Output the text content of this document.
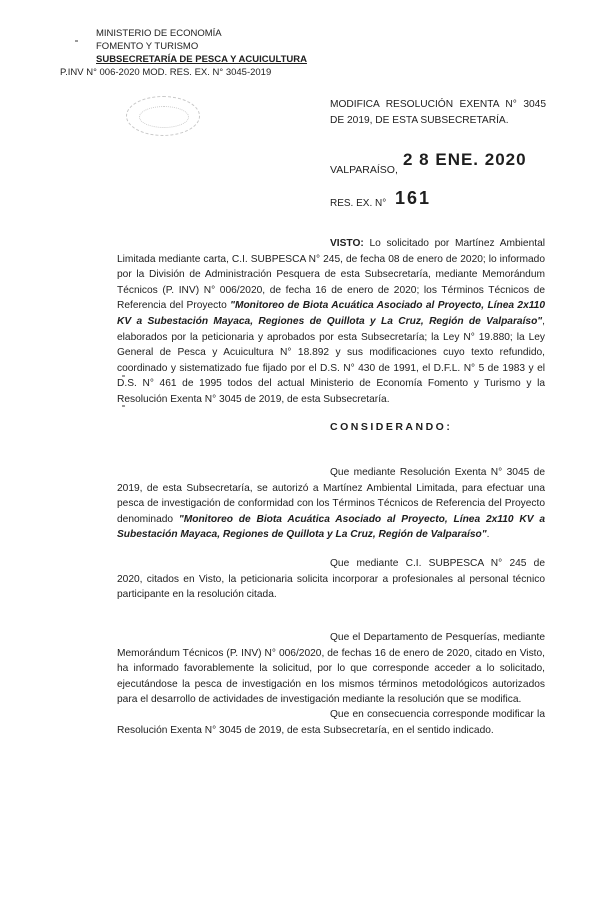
MINISTERIO DE ECONOMÍA
FOMENTO Y TURISMO
SUBSECRETARÍA DE PESCA Y ACUICULTURA
P.INV N° 006-2020 MOD. RES. EX. N° 3045-2019
MODIFICA RESOLUCIÓN EXENTA N° 3045 DE 2019, DE ESTA SUBSECRETARÍA.
VALPARAÍSO,
2 8 ENE. 2020
RES. EX. N° 161

VISTO: Lo solicitado por Martínez Ambiental Limitada mediante carta, C.I. SUBPESCA N° 245, de fecha 08 de enero de 2020; lo informado por la División de Administración Pesquera de esta Subsecretaría, mediante Memorándum Técnicos (P. INV) N° 006/2020, de fecha 16 de enero de 2020; los Términos Técnicos de Referencia del Proyecto "Monitoreo de Biota Acuática Asociado al Proyecto, Línea 2x110 KV a Subestación Mayaca, Regiones de Quillota y La Cruz, Región de Valparaíso", elaborados por la peticionaria y aprobados por esta Subsecretaría; la Ley N° 19.880; la Ley General de Pesca y Acuicultura N° 18.892 y sus modificaciones cuyo texto refundido, coordinado y sistematizado fue fijado por el D.S. N° 430 de 1991, el D.F.L. N° 5 de 1983 y el D.S. N° 461 de 1995 todos del actual Ministerio de Economía Fomento y Turismo y la Resolución Exenta N° 3045 de 2019, de esta Subsecretaría.

CONSIDERANDO:

Que mediante Resolución Exenta N° 3045 de 2019, de esta Subsecretaría, se autorizó a Martínez Ambiental Limitada, para efectuar una pesca de investigación de conformidad con los Términos Técnicos de Referencia del Proyecto denominado "Monitoreo de Biota Acuática Asociado al Proyecto, Línea 2x110 KV a Subestación Mayaca, Regiones de Quillota y La Cruz, Región de Valparaíso".

Que mediante C.I. SUBPESCA N° 245 de 2020, citados en Visto, la peticionaria solicita incorporar a profesionales al personal técnico participante en la resolución citada.

Que el Departamento de Pesquerías, mediante Memorándum Técnicos (P. INV) N° 006/2020, de fechas 16 de enero de 2020, citado en Visto, ha informado favorablemente la solicitud, por lo que corresponde acceder a lo solicitado, ejecutándose la pesca de investigación en los mismos términos metodológicos autorizados para el desarrollo de actividades de investigación mediante la resolución que se modifica.

Que en consecuencia corresponde modificar la Resolución Exenta N° 3045 de 2019, de esta Subsecretaría, en el sentido indicado.
